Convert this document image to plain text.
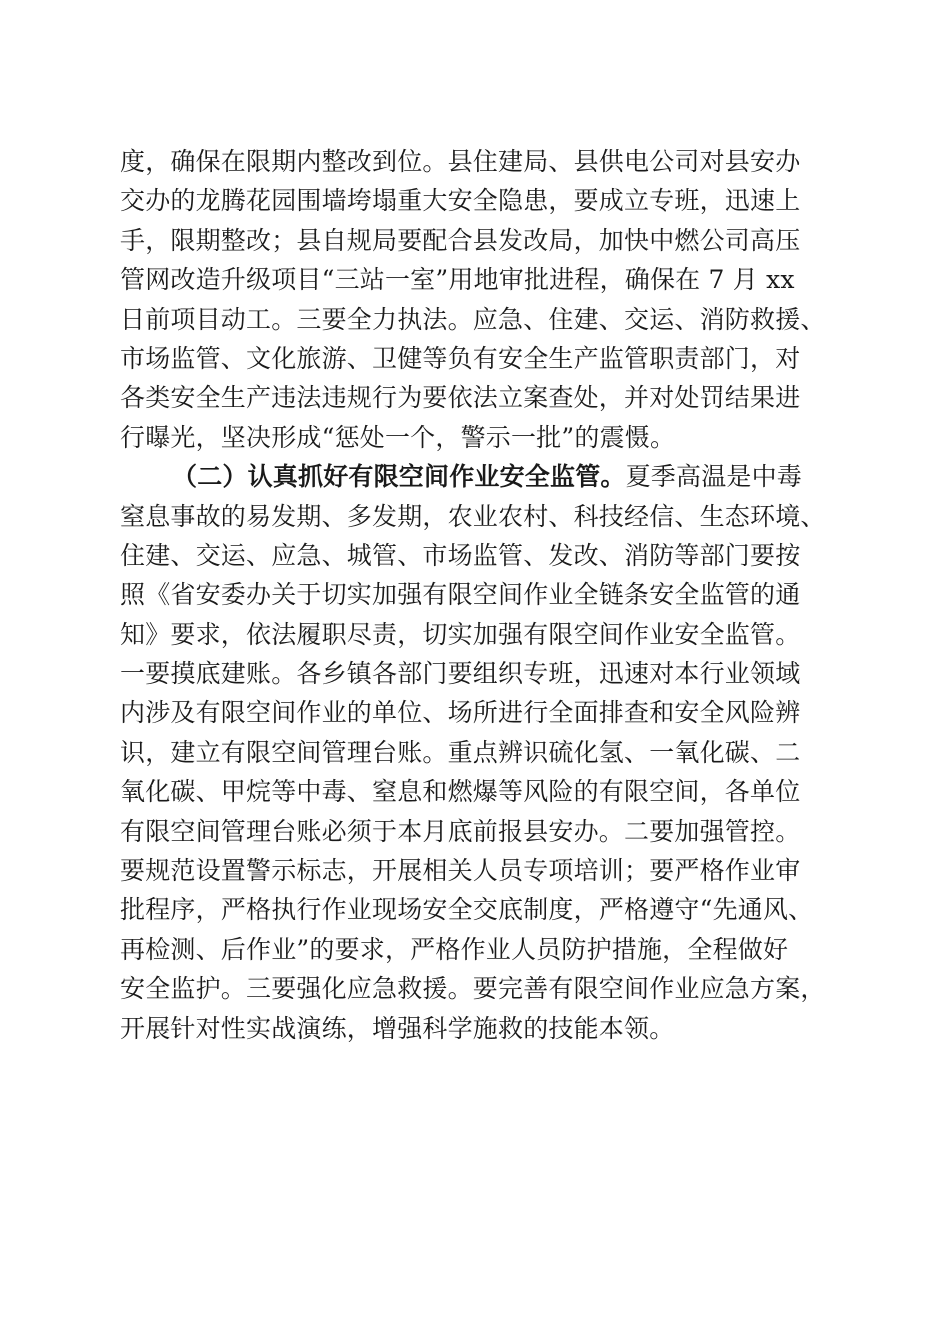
度，确保在限期内整改到位。县住建局、县供电公司对县安办
交办的龙腾花园围墙垮塌重大安全隐患，要成立专班，迅速上
手，限期整改；县自规局要配合县发改局，加快中燃公司高压
管网改造升级项目“三站一室”用地审批进程，确保在 7 月 xx
日前项目动工。三要全力执法。应急、住建、交运、消防救援、
市场监管、文化旅游、卫健等负有安全生产监管职责部门，对
各类安全生产违法违规行为要依法立案查处，并对处罚结果进
行曝光，坚决形成“惩处一个，警示一批”的震慑。
（二）认真抓好有限空间作业安全监管。夏季高温是中毒
窒息事故的易发期、多发期，农业农村、科技经信、生态环境、
住建、交运、应急、城管、市场监管、发改、消防等部门要按
照《省安委办关于切实加强有限空间作业全链条安全监管的通
知》要求，依法履职尽责，切实加强有限空间作业安全监管。
一要摸底建账。各乡镇各部门要组织专班，迅速对本行业领域
内涉及有限空间作业的单位、场所进行全面排查和安全风险辨
识，建立有限空间管理台账。重点辨识硫化氢、一氧化碳、二
氧化碳、甲烷等中毒、窒息和燃爆等风险的有限空间，各单位
有限空间管理台账必须于本月底前报县安办。二要加强管控。
要规范设置警示标志，开展相关人员专项培训；要严格作业审
批程序，严格执行作业现场安全交底制度，严格遵守“先通风、
再检测、后作业”的要求，严格作业人员防护措施，全程做好
安全监护。三要强化应急救援。要完善有限空间作业应急方案，
开展针对性实战演练，增强科学施救的技能本领。
